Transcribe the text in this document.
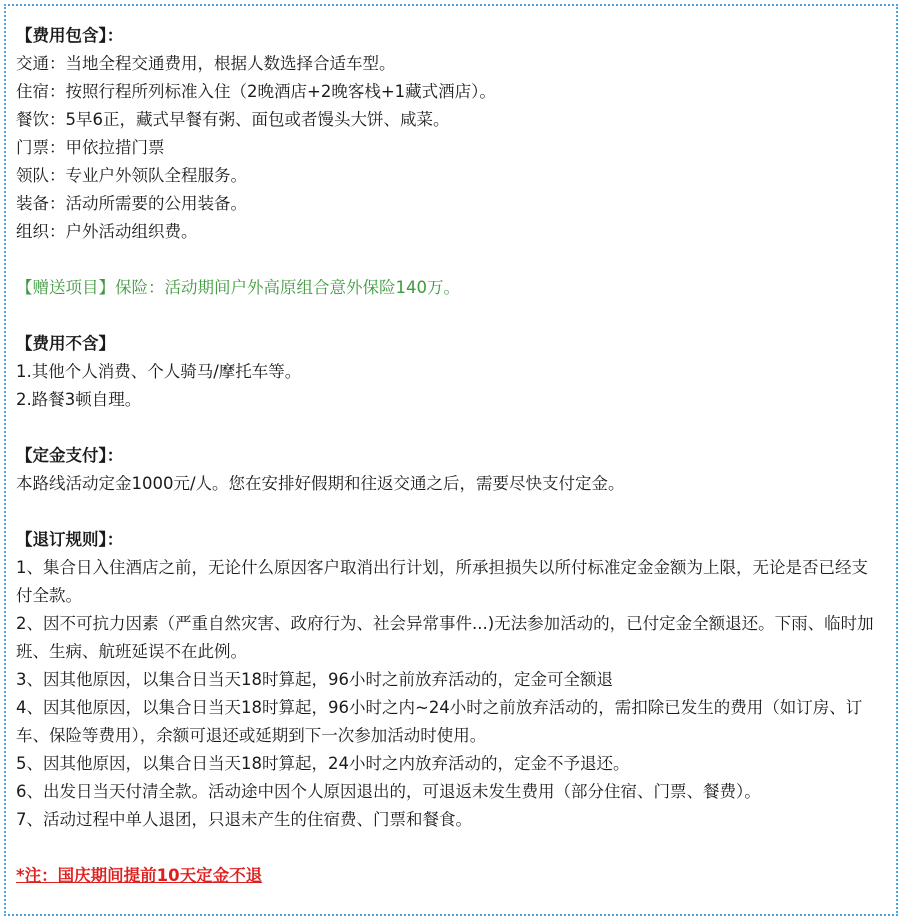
【费用包含】：
交通：当地全程交通费用，根据人数选择合适车型。
住宿：按照行程所列标准入住（2晚酒店+2晚客栈+1藏式酒店）。
餐饮：5早6正，藏式早餐有粥、面包或者馒头大饼、咸菜。
门票：甲依拉措门票
领队：专业户外领队全程服务。
装备：活动所需要的公用装备。
组织：户外活动组织费。
【赠送项目】保险：活动期间户外高原组合意外保险140万。
【费用不含】
1.其他个人消费、个人骑马/摩托车等。
2.路餐3顿自理。
【定金支付】：
本路线活动定金1000元/人。您在安排好假期和往返交通之后，需要尽快支付定金。
【退订规则】：
1、集合日入住酒店之前，无论什么原因客户取消出行计划，所承担损失以所付标准定金金额为上限，无论是否已经支付全款。
2、因不可抗力因素（严重自然灾害、政府行为、社会异常事件...)无法参加活动的，已付定金全额退还。下雨、临时加班、生病、航班延误不在此例。
3、因其他原因，以集合日当天18时算起，96小时之前放弃活动的，定金可全额退
4、因其他原因，以集合日当天18时算起，96小时之内~24小时之前放弃活动的，需扣除已发生的费用（如订房、订车、保险等费用），余额可退还或延期到下一次参加活动时使用。
5、因其他原因，以集合日当天18时算起，24小时之内放弃活动的，定金不予退还。
6、出发日当天付清全款。活动途中因个人原因退出的，可退返未发生费用（部分住宿、门票、餐费）。
7、活动过程中单人退团，只退未产生的住宿费、门票和餐食。
*注：国庆期间提前10天定金不退
